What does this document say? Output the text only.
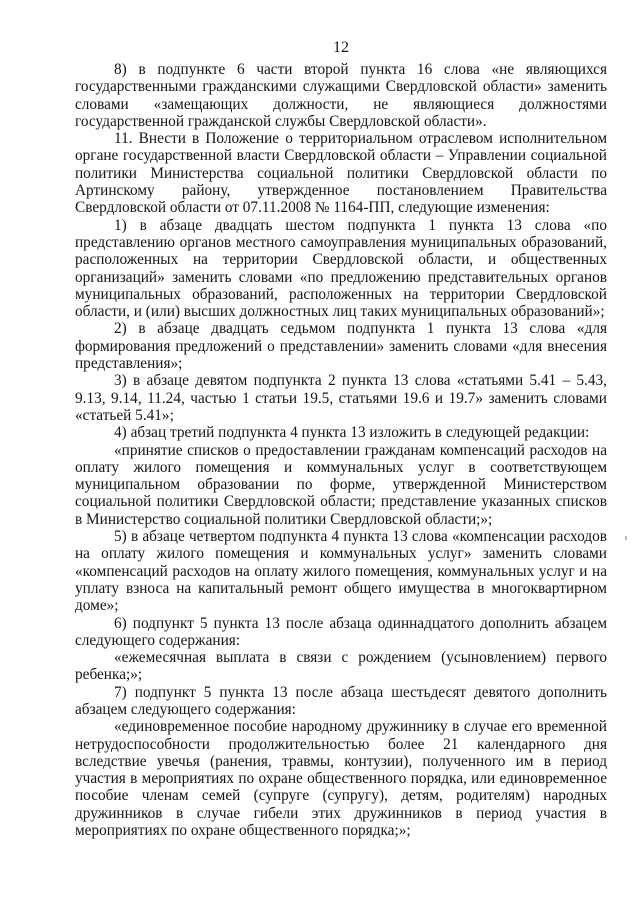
12

8) в подпункте 6 части второй пункта 16 слова «не являющихся государственными гражданскими служащими Свердловской области» заменить словами «замещающих должности, не являющиеся должностями государственной гражданской службы Свердловской области».

11. Внести в Положение о территориальном отраслевом исполнительном органе государственной власти Свердловской области – Управлении социальной политики Министерства социальной политики Свердловской области по Артинскому району, утвержденное постановлением Правительства Свердловской области от 07.11.2008 № 1164-ПП, следующие изменения:

1) в абзаце двадцать шестом подпункта 1 пункта 13 слова «по представлению органов местного самоуправления муниципальных образований, расположенных на территории Свердловской области, и общественных организаций» заменить словами «по предложению представительных органов муниципальных образований, расположенных на территории Свердловской области, и (или) высших должностных лиц таких муниципальных образований»;

2) в абзаце двадцать седьмом подпункта 1 пункта 13 слова «для формирования предложений о представлении» заменить словами «для внесения представления»;

3) в абзаце девятом подпункта 2 пункта 13 слова «статьями 5.41 – 5.43, 9.13, 9.14, 11.24, частью 1 статьи 19.5, статьями 19.6 и 19.7» заменить словами «статьей 5.41»;

4) абзац третий подпункта 4 пункта 13 изложить в следующей редакции:

«принятие списков о предоставлении гражданам компенсаций расходов на оплату жилого помещения и коммунальных услуг в соответствующем муниципальном образовании по форме, утвержденной Министерством социальной политики Свердловской области; представление указанных списков в Министерство социальной политики Свердловской области;»;

5) в абзаце четвертом подпункта 4 пункта 13 слова «компенсации расходов на оплату жилого помещения и коммунальных услуг» заменить словами «компенсаций расходов на оплату жилого помещения, коммунальных услуг и на уплату взноса на капитальный ремонт общего имущества в многоквартирном доме»;

6) подпункт 5 пункта 13 после абзаца одиннадцатого дополнить абзацем следующего содержания:

«ежемесячная выплата в связи с рождением (усыновлением) первого ребенка;»;

7) подпункт 5 пункта 13 после абзаца шестьдесят девятого дополнить абзацем следующего содержания:

«единовременное пособие народному дружиннику в случае его временной нетрудоспособности продолжительностью более 21 календарного дня вследствие увечья (ранения, травмы, контузии), полученного им в период участия в мероприятиях по охране общественного порядка, или единовременное пособие членам семей (супруге (супругу), детям, родителям) народных дружинников в случае гибели этих дружинников в период участия в мероприятиях по охране общественного порядка;»;
